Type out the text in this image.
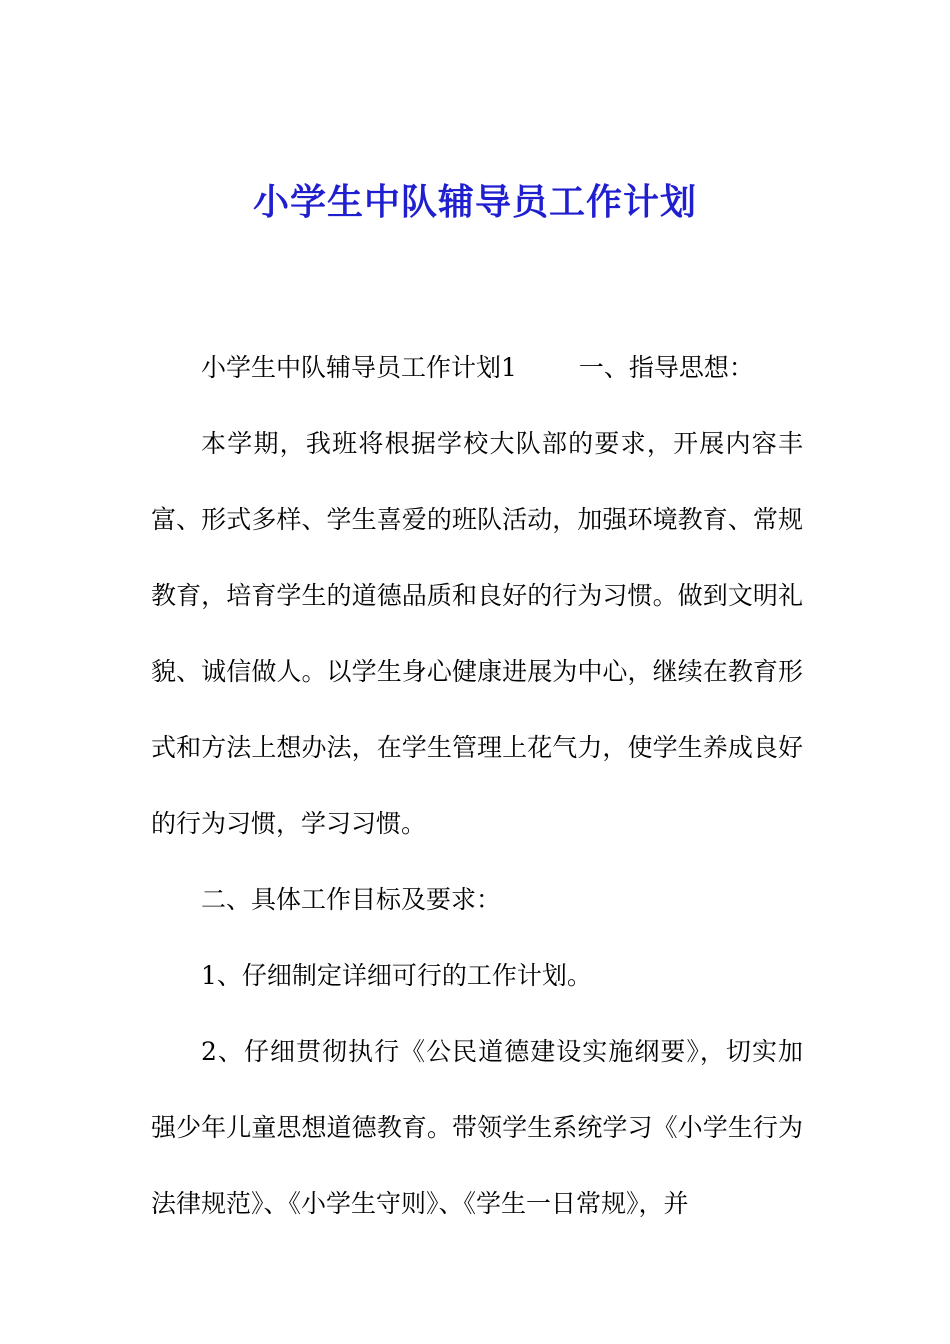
小学生中队辅导员工作计划

小学生中队辅导员工作计划1 一、指导思想：

本学期，我班将根据学校大队部的要求，开展内容丰富、形式多样、学生喜爱的班队活动，加强环境教育、常规教育，培育学生的道德品质和良好的行为习惯。做到文明礼貌、诚信做人。以学生身心健康进展为中心，继续在教育形式和方法上想办法，在学生管理上花气力，使学生养成良好的行为习惯，学习习惯。

二、具体工作目标及要求：

1、仔细制定详细可行的工作计划。

2、仔细贯彻执行《公民道德建设实施纲要》，切实加强少年儿童思想道德教育。带领学生系统学习《小学生行为法律规范》、《小学生守则》、《学生一日常规》，并
